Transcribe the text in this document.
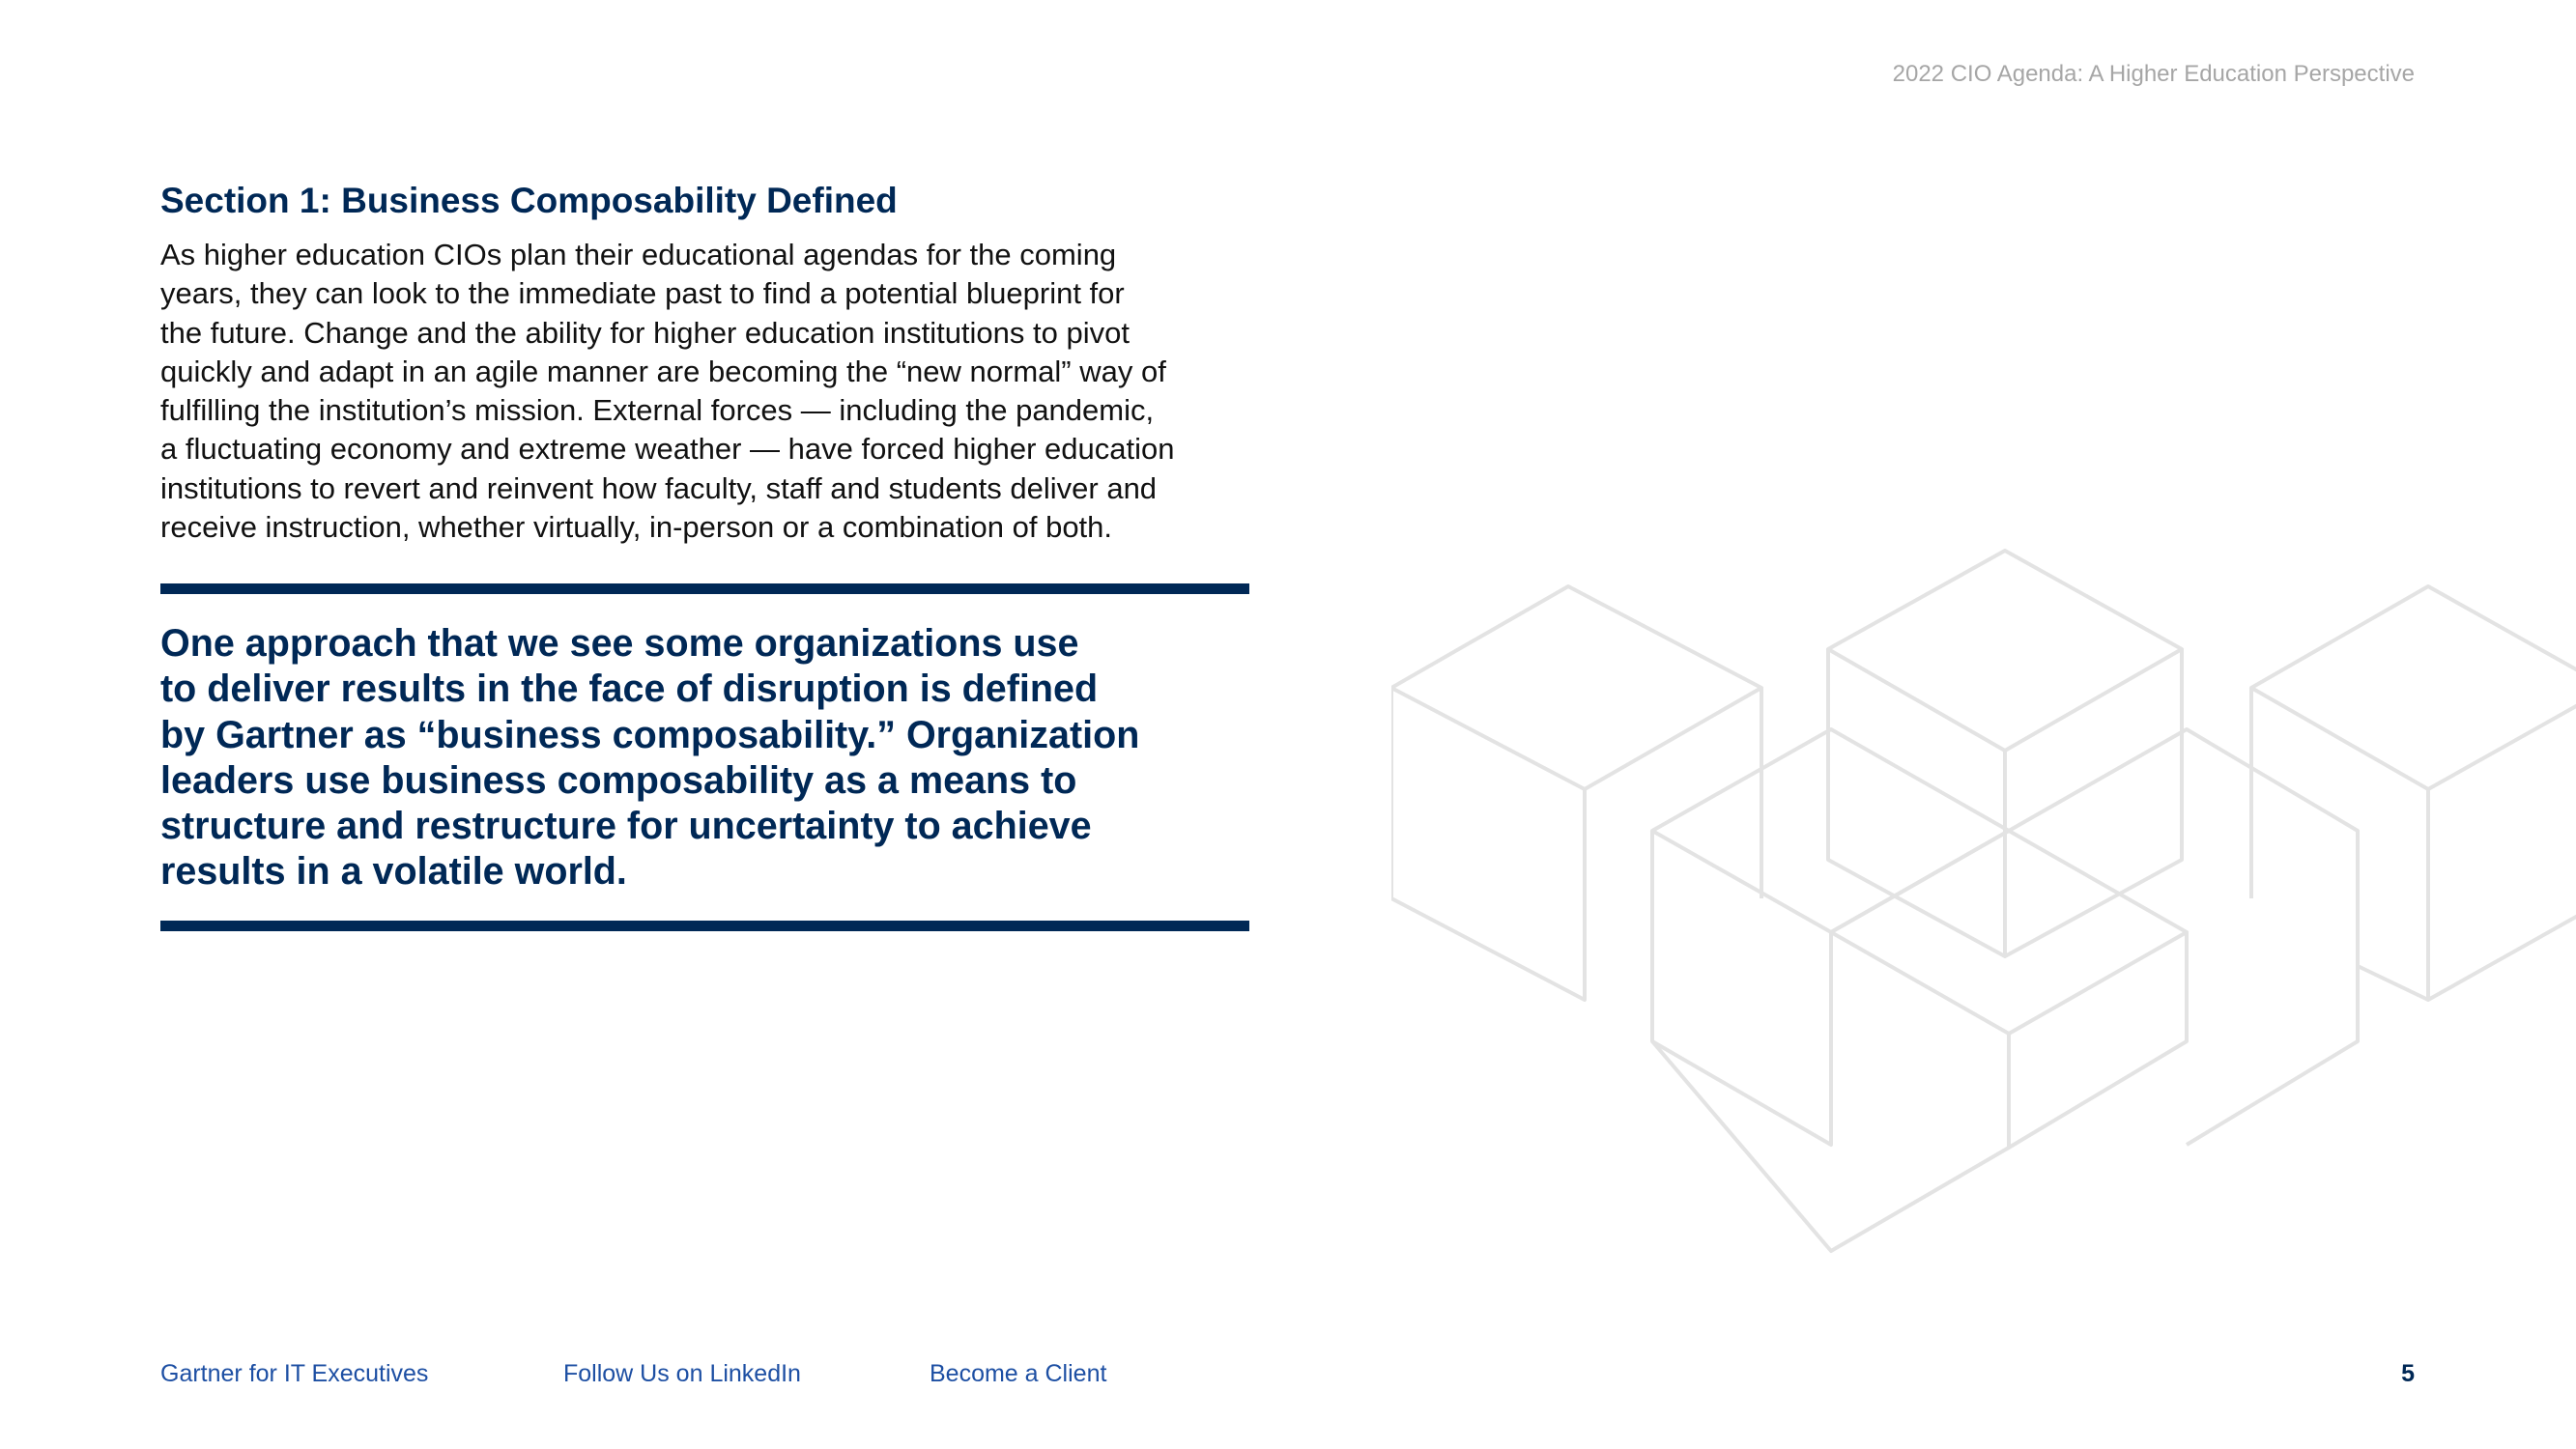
2022 CIO Agenda: A Higher Education Perspective
Section 1: Business Composability Defined
As higher education CIOs plan their educational agendas for the coming
years, they can look to the immediate past to find a potential blueprint for
the future. Change and the ability for higher education institutions to pivot
quickly and adapt in an agile manner are becoming the “new normal” way of
fulfilling the institution’s mission. External forces — including the pandemic,
a fluctuating economy and extreme weather — have forced higher education
institutions to revert and reinvent how faculty, staff and students deliver and
receive instruction, whether virtually, in-person or a combination of both.
One approach that we see some organizations use
to deliver results in the face of disruption is defined
by Gartner as “business composability.” Organization
leaders use business composability as a means to
structure and restructure for uncertainty to achieve
results in a volatile world.
Gartner for IT Executives	Follow Us on LinkedIn	Become a Client	5
